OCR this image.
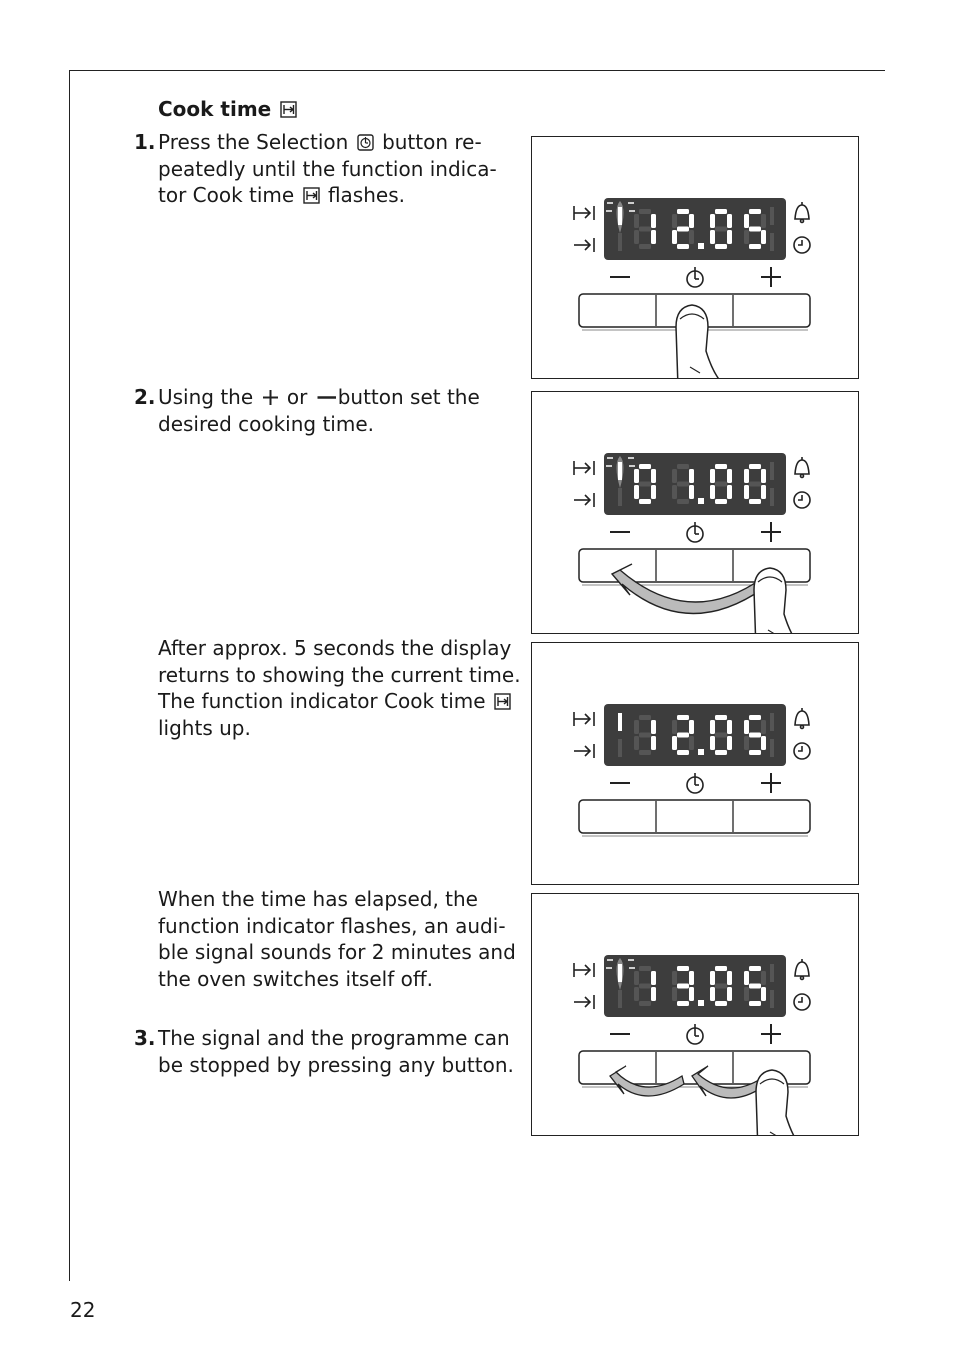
Cook time
1. Press the Selection button re-
peatedly until the function indica-
tor Cook time flashes.
2. Using the or button set the
desired cooking time.
After approx. 5 seconds the display
returns to showing the current time.
The function indicator Cook time
lights up.
When the time has elapsed, the
function indicator flashes, an audi-
ble signal sounds for 2 minutes and
the oven switches itself off.
3. The signal and the programme can
be stopped by pressing any button.
22
